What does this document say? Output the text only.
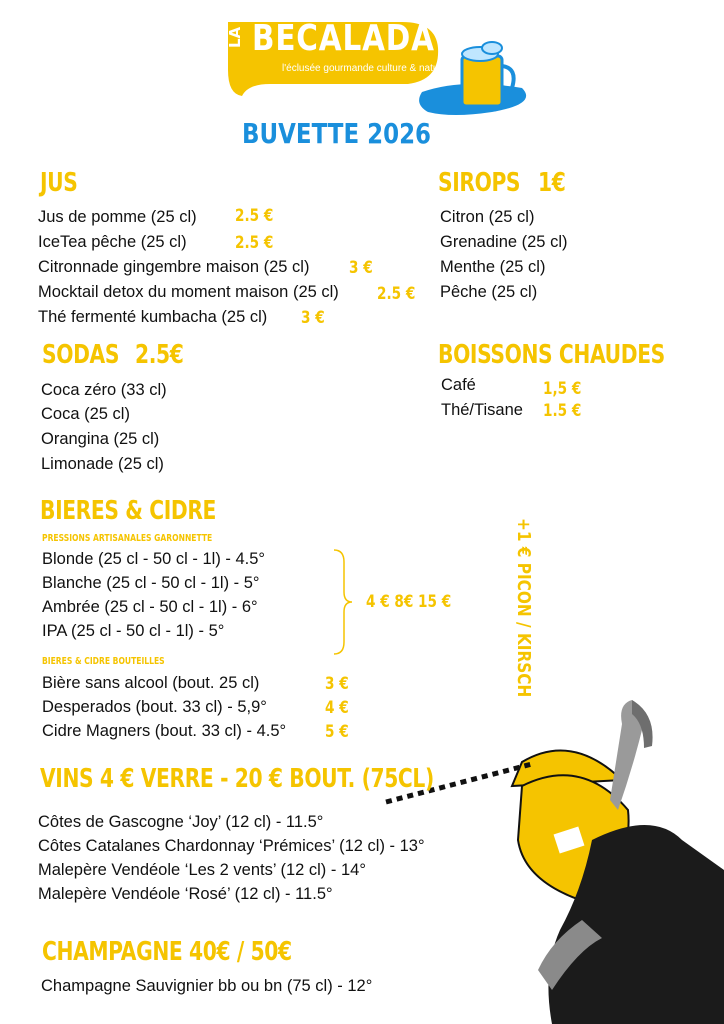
LA BECALADA
l'éclusée gourmande culture & nature
BUVETTE 2026
JUS
Jus de pomme (25 cl) 2.5 €
IceTea pêche (25 cl)	2.5 €
Citronnade gingembre maison (25 cl) 3 €
Mocktail detox du moment maison (25 cl) 2.5 €
Thé fermenté kumbacha (25 cl) 3 €
SIROPS 1€
Citron (25 cl)
Grenadine (25 cl)
Menthe (25 cl)
Pêche (25 cl)
SODAS 2.5€
Coca zéro (33 cl)
Coca (25 cl)
Orangina (25 cl)
Limonade (25 cl)
BOISSONS CHAUDES
Café	1,5 €
Thé/Tisane 1.5 €
BIERES & CIDRE
PRESSIONS ARTISANALES GARONNETTE
Blonde (25 cl - 50 cl - 1l) - 4.5°
Blanche (25 cl - 50 cl - 1l) - 5°
Ambrée (25 cl - 50 cl - 1l) - 6°
IPA (25 cl - 50 cl - 1l) - 5°
4 € 8€ 15 €
BIERES & CIDRE BOUTEILLES
Bière sans alcool (bout. 25 cl)	3 €
Desperados (bout. 33 cl) - 5,9°	4 €
Cidre Magners (bout. 33 cl) - 4.5° 5 €
+1 € PICON / KIRSCH
VINS 4 € VERRE - 20 € BOUT. (75CL)
Côtes de Gascogne ‘Joy’ (12 cl) - 11.5°
Côtes Catalanes Chardonnay ‘Prémices’ (12 cl) - 13°
Malepère Vendéole ‘Les 2 vents’ (12 cl) - 14°
Malepère Vendéole ‘Rosé’ (12 cl) - 11.5°
CHAMPAGNE 40€ / 50€
Champagne Sauvignier bb ou bn (75 cl) - 12°
